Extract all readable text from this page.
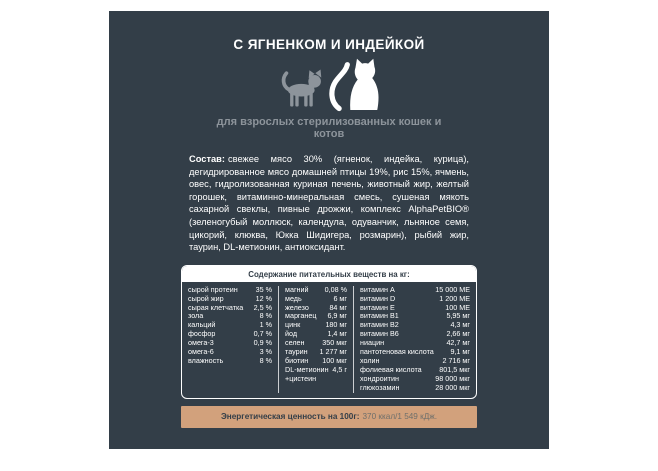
С ЯГНЕНКОМ И ИНДЕЙКОЙ
для взрослых стерилизованных кошек и котов

Состав: свежее мясо 30% (ягненок, индейка, курица), дегидрированное мясо домашней птицы 19%, рис 15%, ячмень, овес, гидролизованная куриная печень, животный жир, желтый горошек, витаминно-минеральная смесь, сушеная мякоть сахарной свеклы, пивные дрожжи, комплекс AlphaPetBIO® (зеленогубый моллюск, календула, одуванчик, льняное семя, цикорий, клюква, Юкка Шидигера, розмарин), рыбий жир, таурин, DL-метионин, антиоксидант.

Содержание питательных веществ на кг:
сырой протеин	35 %
сырой жир	12 %
сырая клетчатка	2,5 %
зола	8 %
кальций	1 %
фосфор	0,7 %
омега-3	0,9 %
омега-6	3 %
влажность	8 %
магний	0,08 %
медь	6 мг
железо	84 мг
марганец	6,9 мг
цинк	180 мг
йод	1,4 мг
селен	350 мкг
таурин	1 277 мг
биотин	100 мкг
DL-метионин 4,5 г
+цистеин
витамин А	15 000 МЕ
витамин D	1 200 МЕ
витамин Е	100 МЕ
витамин В1	5,95 мг
витамин В2	4,3 мг
витамин В6	2,66 мг
ниацин	42,7 мг
пантотеновая кислота	9,1 мг
холин	2 716 мг
фолиевая кислота	801,5 мкг
хондроитин	98 000 мкг
глюкозамин	28 000 мкг
Энергетическая ценность на 100г: 370 ккал/1 549 кДж.
